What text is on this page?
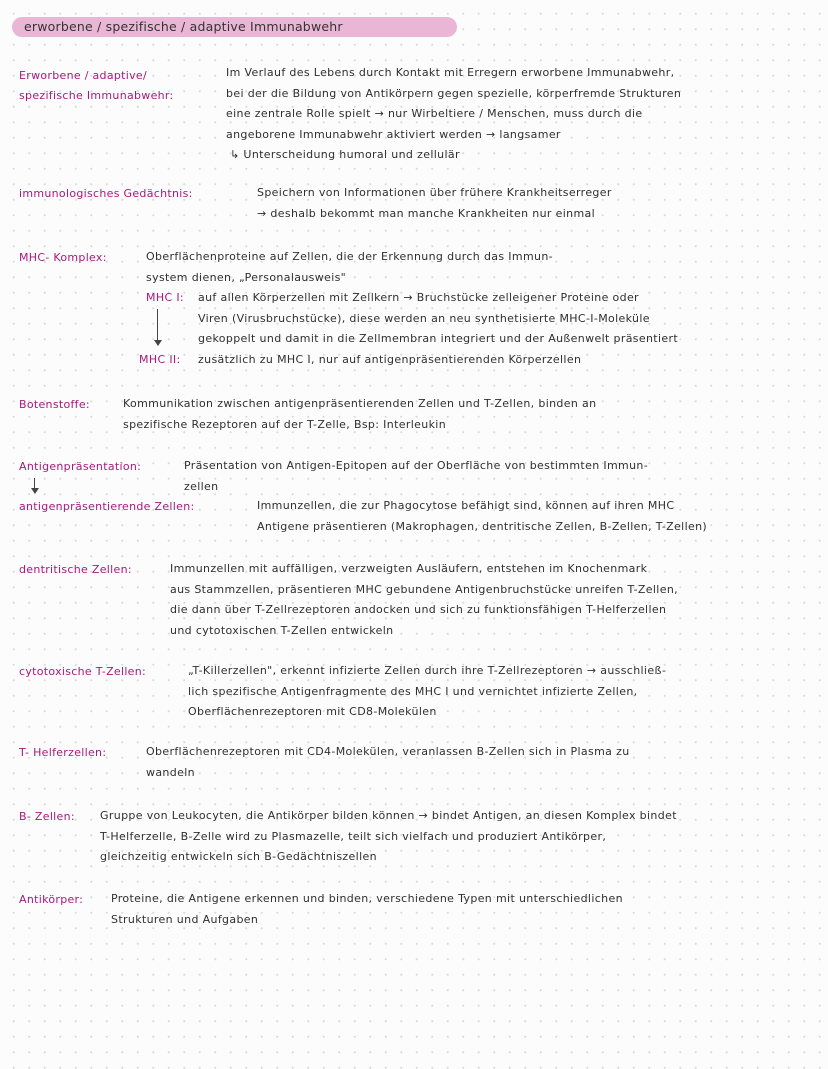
erworbene / spezifische / adaptive Immunabwehr
Erworbene / adaptive/
spezifische Immunabwehr:

Im Verlauf des Lebens durch Kontakt mit Erregern erworbene Immunabwehr,

bei der die Bildung von Antikörpern gegen spezielle, körperfremde Strukturen

eine zentrale Rolle spielt → nur Wirbeltiere / Menschen, muss durch die

angeborene Immunabwehr aktiviert werden → langsamer

↳ Unterscheidung humoral und zellulär

immunologisches Gedächtnis:	Speichern von Informationen über frühere Krankheitserreger

→ deshalb bekommt man manche Krankheiten nur einmal

MHC- Komplex:	Oberflächenproteine auf Zellen, die der Erkennung durch das Immun-

system dienen, „Personalausweis"

MHC I: auf allen Körperzellen mit Zellkern → Bruchstücke zelleigener Proteine oder

Viren (Virusbruchstücke), diese werden an neu synthetisierte MHC-I-Moleküle

gekoppelt und damit in die Zellmembran integriert und der Außenwelt präsentiert

MHC II: zusätzlich zu MHC I, nur auf antigenpräsentierenden Körperzellen

Botenstoffe:	Kommunikation zwischen antigenpräsentierenden Zellen und T-Zellen, binden an

spezifische Rezeptoren auf der T-Zelle, Bsp: Interleukin

Antigenpräsentation:	Präsentation von Antigen-Epitopen auf der Oberfläche von bestimmten Immun-

zellen

antigenpräsentierende Zellen:	Immunzellen, die zur Phagocytose befähigt sind, können auf ihren MHC

Antigene präsentieren (Makrophagen, dentritische Zellen, B-Zellen, T-Zellen)

dentritische Zellen:	Immunzellen mit auffälligen, verzweigten Ausläufern, entstehen im Knochenmark

aus Stammzellen, präsentieren MHC gebundene Antigenbruchstücke unreifen T-Zellen,

die dann über T-Zellrezeptoren andocken und sich zu funktionsfähigen T-Helferzellen

und cytotoxischen T-Zellen entwickeln

cytotoxische T-Zellen:	„T-Killerzellen", erkennt infizierte Zellen durch ihre T-Zellrezeptoren → ausschließ-

lich spezifische Antigenfragmente des MHC I und vernichtet infizierte Zellen,

Oberflächenrezeptoren mit CD8-Molekülen

T- Helferzellen:	Oberflächenrezeptoren mit CD4-Molekülen, veranlassen B-Zellen sich in Plasma zu

wandeln

B- Zellen: Gruppe von Leukocyten, die Antikörper bilden können → bindet Antigen, an diesen Komplex bindet

T-Helferzelle, B-Zelle wird zu Plasmazelle, teilt sich vielfach und produziert Antikörper,

gleichzeitig entwickeln sich B-Gedächtniszellen

Antikörper:	Proteine, die Antigene erkennen und binden, verschiedene Typen mit unterschiedlichen

Strukturen und Aufgaben
